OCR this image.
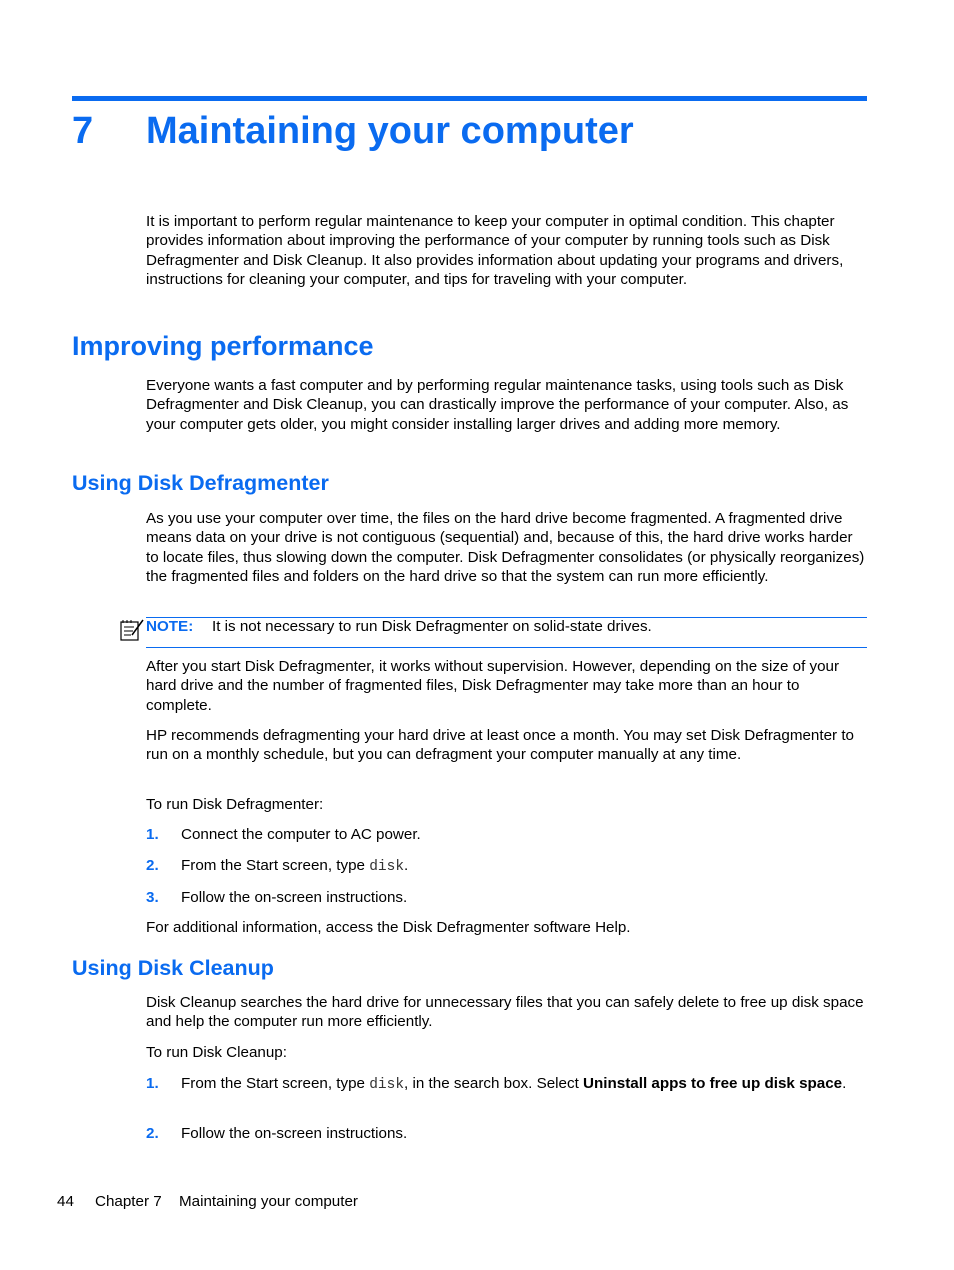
7 Maintaining your computer
It is important to perform regular maintenance to keep your computer in optimal condition. This chapter provides information about improving the performance of your computer by running tools such as Disk Defragmenter and Disk Cleanup. It also provides information about updating your programs and drivers, instructions for cleaning your computer, and tips for traveling with your computer.
Improving performance
Everyone wants a fast computer and by performing regular maintenance tasks, using tools such as Disk Defragmenter and Disk Cleanup, you can drastically improve the performance of your computer. Also, as your computer gets older, you might consider installing larger drives and adding more memory.
Using Disk Defragmenter
As you use your computer over time, the files on the hard drive become fragmented. A fragmented drive means data on your drive is not contiguous (sequential) and, because of this, the hard drive works harder to locate files, thus slowing down the computer. Disk Defragmenter consolidates (or physically reorganizes) the fragmented files and folders on the hard drive so that the system can run more efficiently.
NOTE: It is not necessary to run Disk Defragmenter on solid-state drives.
After you start Disk Defragmenter, it works without supervision. However, depending on the size of your hard drive and the number of fragmented files, Disk Defragmenter may take more than an hour to complete.
HP recommends defragmenting your hard drive at least once a month. You may set Disk Defragmenter to run on a monthly schedule, but you can defragment your computer manually at any time.
To run Disk Defragmenter:
1. Connect the computer to AC power.
2. From the Start screen, type disk.
3. Follow the on-screen instructions.
For additional information, access the Disk Defragmenter software Help.
Using Disk Cleanup
Disk Cleanup searches the hard drive for unnecessary files that you can safely delete to free up disk space and help the computer run more efficiently.
To run Disk Cleanup:
1. From the Start screen, type disk, in the search box. Select Uninstall apps to free up disk space.
2. Follow the on-screen instructions.
44 Chapter 7 Maintaining your computer
